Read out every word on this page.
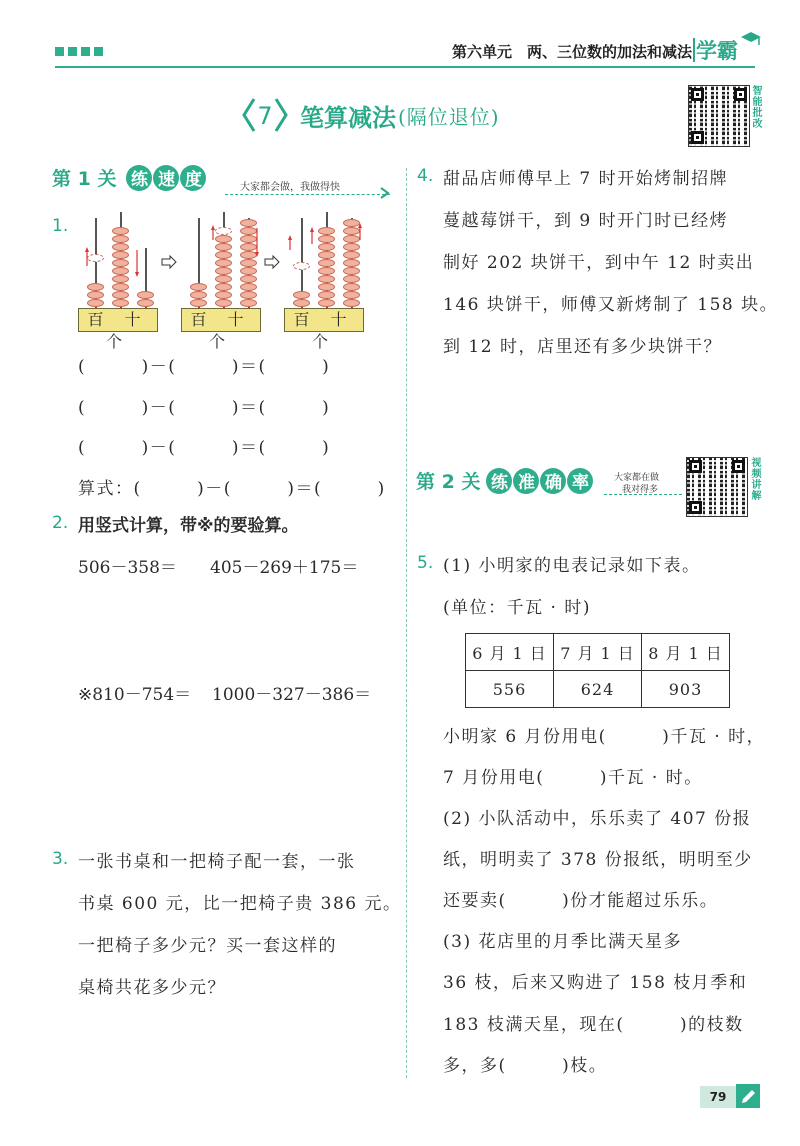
第六单元　两、三位数的加法和减法 学霸
7 笔算减法 (隔位退位)	智能批改
第 1 关 练 速 度	大家都会做，我做得快
1.
百 十 个
百 十 个
百 十 个
(　　　)－(　　　)＝(　　　)
(　　　)－(　　　)＝(　　　)
(　　　)－(　　　)＝(　　　)
算式：(　　　)－(　　　)＝(　　　)
2. 用竖式计算，带※的要验算。
506－358＝ 405－269＋175＝
※810－754＝ 1000－327－386＝
3. 一张书桌和一把椅子配一套，一张
书桌 600 元，比一把椅子贵 386 元。
一把椅子多少元？买一套这样的
桌椅共花多少元？
4. 甜品店师傅早上 7 时开始烤制招牌
蔓越莓饼干，到 9 时开门时已经烤
制好 202 块饼干，到中午 12 时卖出
146 块饼干，师傅又新烤制了 158 块。
到 12 时，店里还有多少块饼干？
第 2 关 练 准 确 率	大家都在做
我对得多	视频讲解
5. (1) 小明家的电表记录如下表。
(单位：千瓦 · 时)
6 月 1 日	7 月 1 日	8 月 1 日
556	624	903
小明家 6 月份用电(　　　)千瓦 · 时，
7 月份用电(　　　)千瓦 · 时。
(2) 小队活动中，乐乐卖了 407 份报
纸，明明卖了 378 份报纸，明明至少
还要卖(　　　)份才能超过乐乐。
(3) 花店里的月季比满天星多
36 枝，后来又购进了 158 枝月季和
183 枝满天星，现在(　　　)的枝数
多，多(　　　)枝。
79
